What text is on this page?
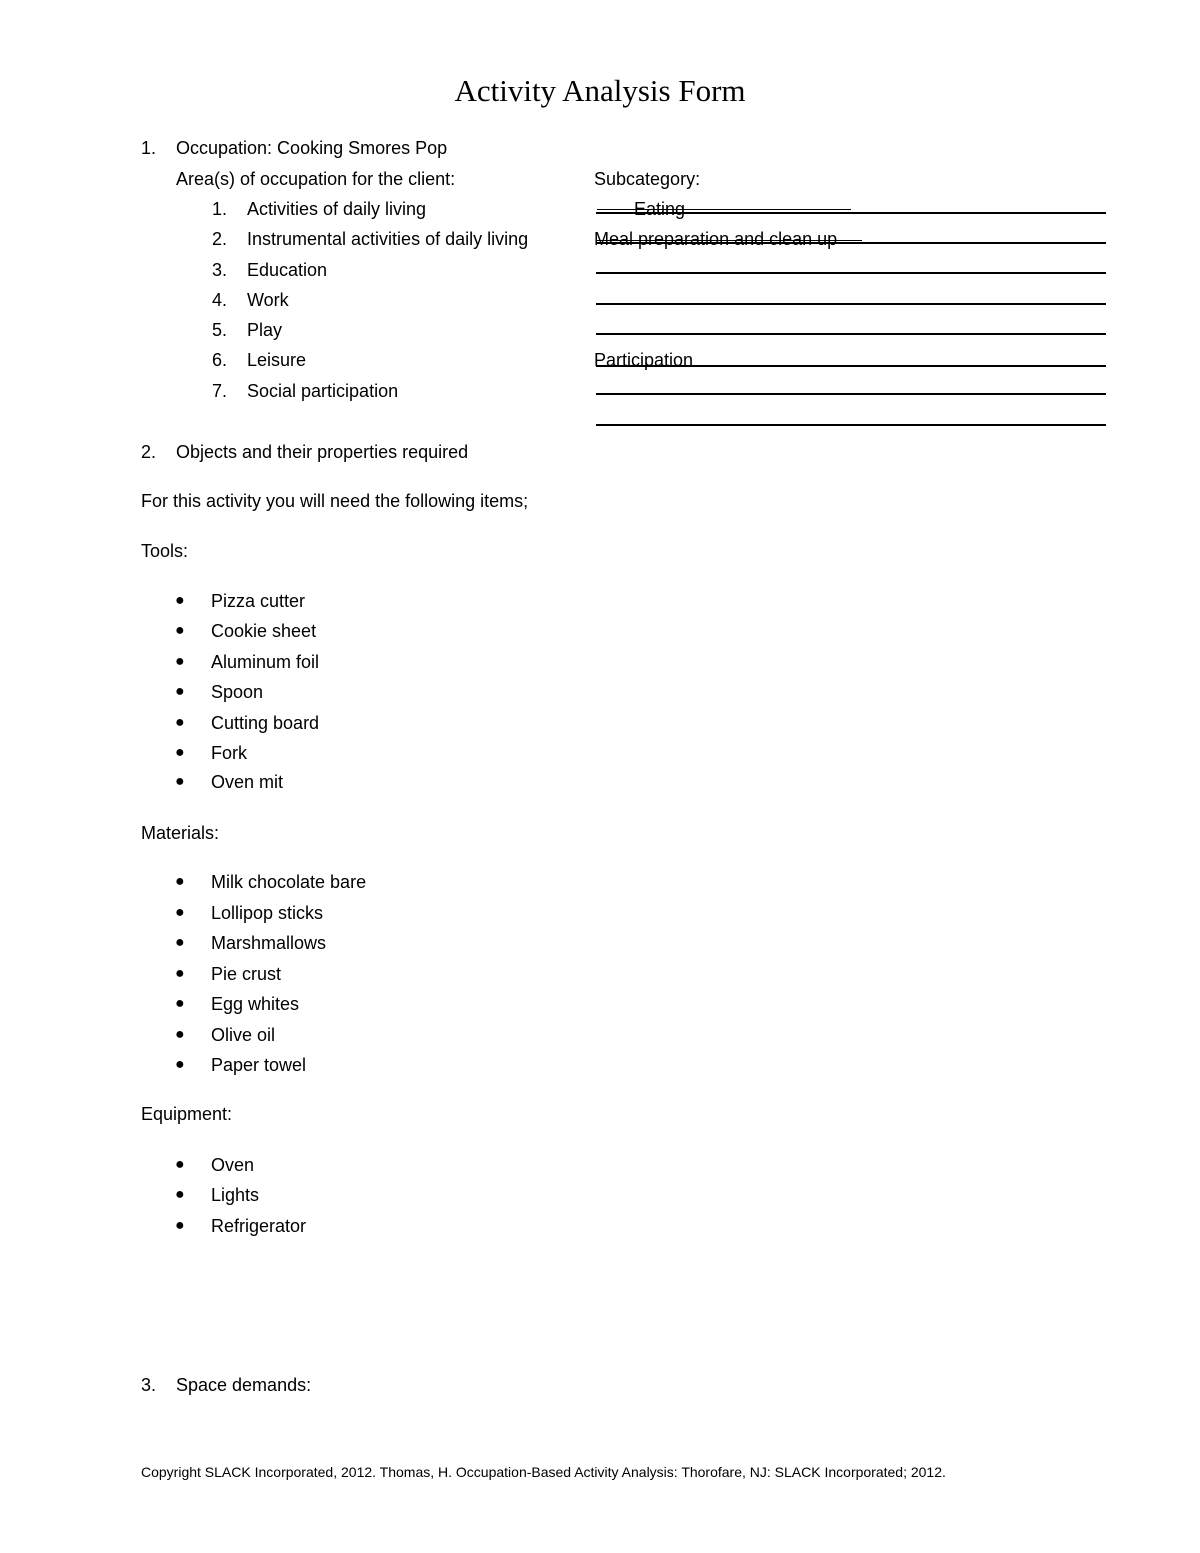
Activity Analysis Form
1. Occupation: Cooking Smores Pop
Area(s) of occupation for the client:	Subcategory:
1. Activities of daily living
2. Instrumental activities of daily living
3. Education
4. Work
5. Play
6. Leisure
7. Social participation
Eating
Meal preparation and clean up
Participation
2. Objects and their properties required
For this activity you will need the following items;
Tools:
● Pizza cutter
● Cookie sheet
● Aluminum foil
● Spoon
● Cutting board
● Fork
● Oven mit
Materials:
● Milk chocolate bare
● Lollipop sticks
● Marshmallows
● Pie crust
● Egg whites
● Olive oil
● Paper towel
Equipment:
● Oven
● Lights
● Refrigerator
3. Space demands:
Copyright SLACK Incorporated, 2012. Thomas, H. Occupation-Based Activity Analysis: Thorofare, NJ: SLACK Incorporated; 2012.
